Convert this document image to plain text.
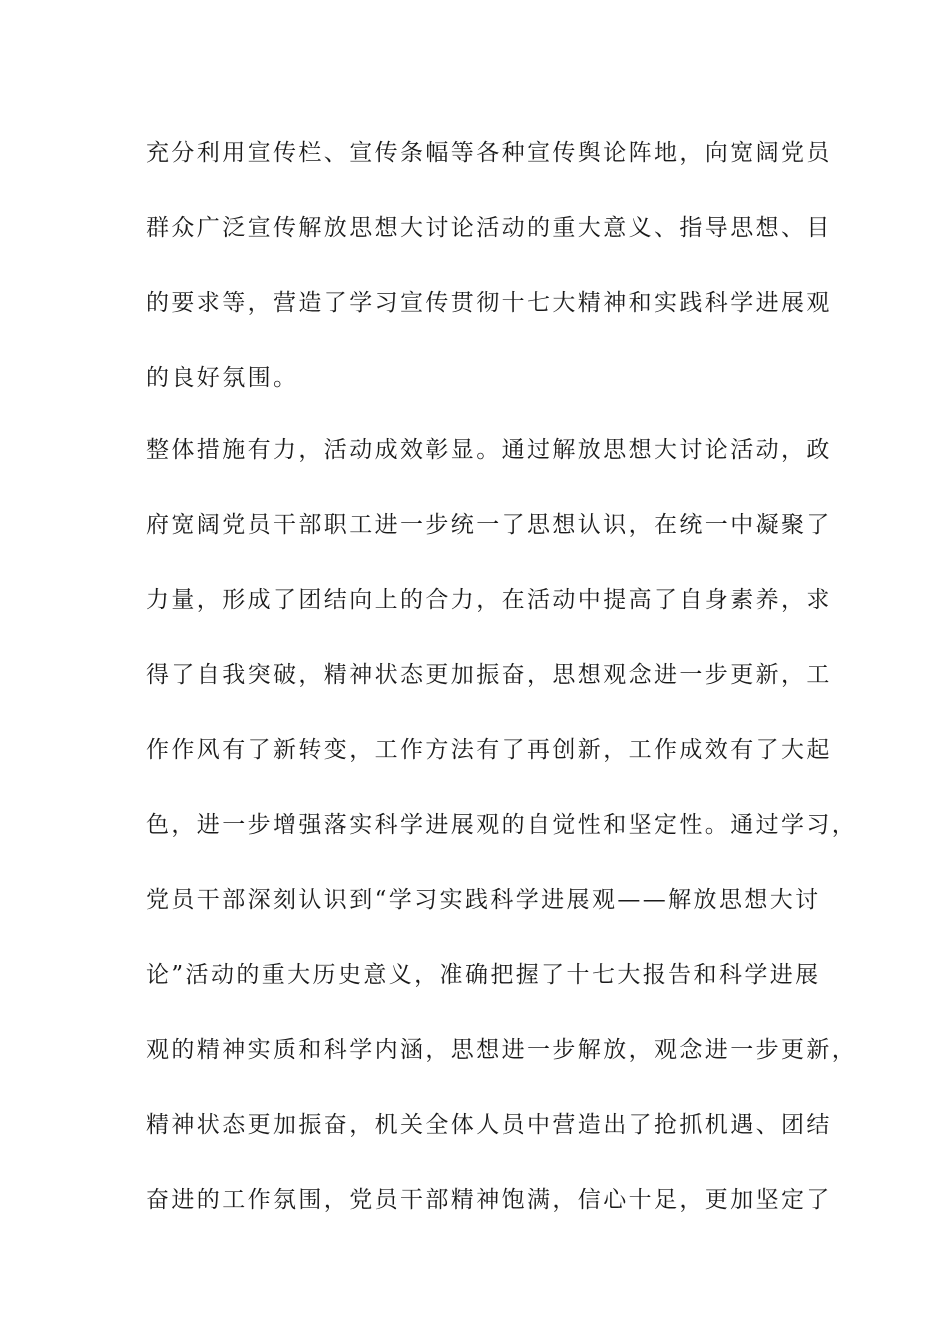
充分利用宣传栏、宣传条幅等各种宣传舆论阵地，向宽阔党员
群众广泛宣传解放思想大讨论活动的重大意义、指导思想、目
的要求等，营造了学习宣传贯彻十七大精神和实践科学进展观
的良好氛围。
整体措施有力，活动成效彰显。通过解放思想大讨论活动，政
府宽阔党员干部职工进一步统一了思想认识，在统一中凝聚了
力量，形成了团结向上的合力，在活动中提高了自身素养，求
得了自我突破，精神状态更加振奋，思想观念进一步更新，工
作作风有了新转变，工作方法有了再创新，工作成效有了大起
色，进一步增强落实科学进展观的自觉性和坚定性。通过学习，
党员干部深刻认识到“学习实践科学进展观——解放思想大讨
论”活动的重大历史意义，准确把握了十七大报告和科学进展
观的精神实质和科学内涵，思想进一步解放，观念进一步更新，
精神状态更加振奋，机关全体人员中营造出了抢抓机遇、团结
奋进的工作氛围，党员干部精神饱满，信心十足，更加坚定了
